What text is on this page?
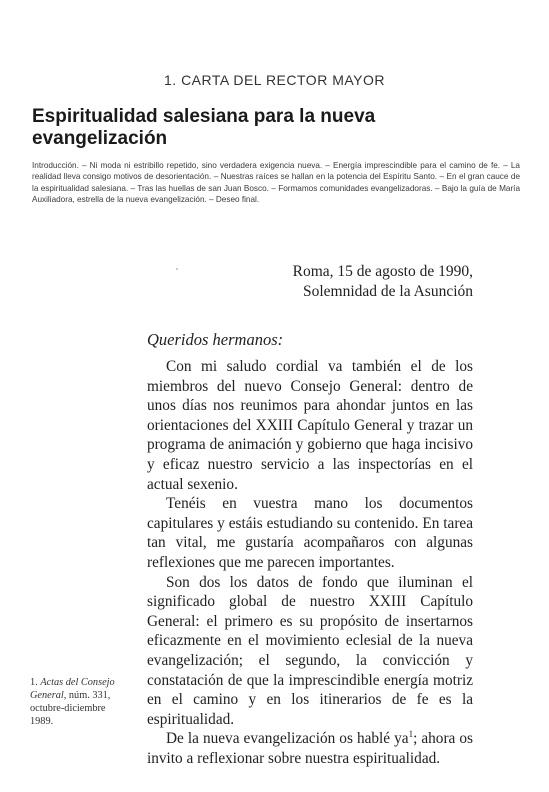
1. CARTA DEL RECTOR MAYOR
Espiritualidad salesiana para la nueva
evangelización
Introducción. – Ni moda ni estribillo repetido, sino verdadera exigencia nueva. – Energía imprescindible para el camino de fe. – La realidad lleva consigo motivos de desorientación. – Nuestras raíces se hallan en la potencia del Espíritu Santo. – En el gran cauce de la espiritualidad salesiana. – Tras las huellas de san Juan Bosco. – Formamos comunidades evangelizadoras. – Bajo la guía de María Auxiliadora, estrella de la nueva evangelización. – Deseo final.
Roma, 15 de agosto de 1990,
Solemnidad de la Asunción
Queridos hermanos:

Con mi saludo cordial va también el de los miembros del nuevo Consejo General: dentro de unos días nos reunimos para ahondar juntos en las orientaciones del XXIII Capítulo General y trazar un programa de animación y gobierno que haga incisivo y eficaz nuestro servicio a las inspectorías en el actual sexenio.

Tenéis en vuestra mano los documentos capitulares y estáis estudiando su contenido. En tarea tan vital, me gustaría acompañaros con algunas reflexiones que me parecen importantes.

Son dos los datos de fondo que iluminan el significado global de nuestro XXIII Capítulo General: el primero es su propósito de insertarnos eficazmente en el movimiento eclesial de la nueva evangelización; el segundo, la convicción y constatación de que la imprescindible energía motriz en el camino y en los itinerarios de fe es la espiritualidad.

De la nueva evangelización os hablé $ya^1$; ahora os invito a reflexionar sobre nuestra espiritualidad.

1. Actas del Consejo General, núm. 331, octubre-diciembre 1989.
